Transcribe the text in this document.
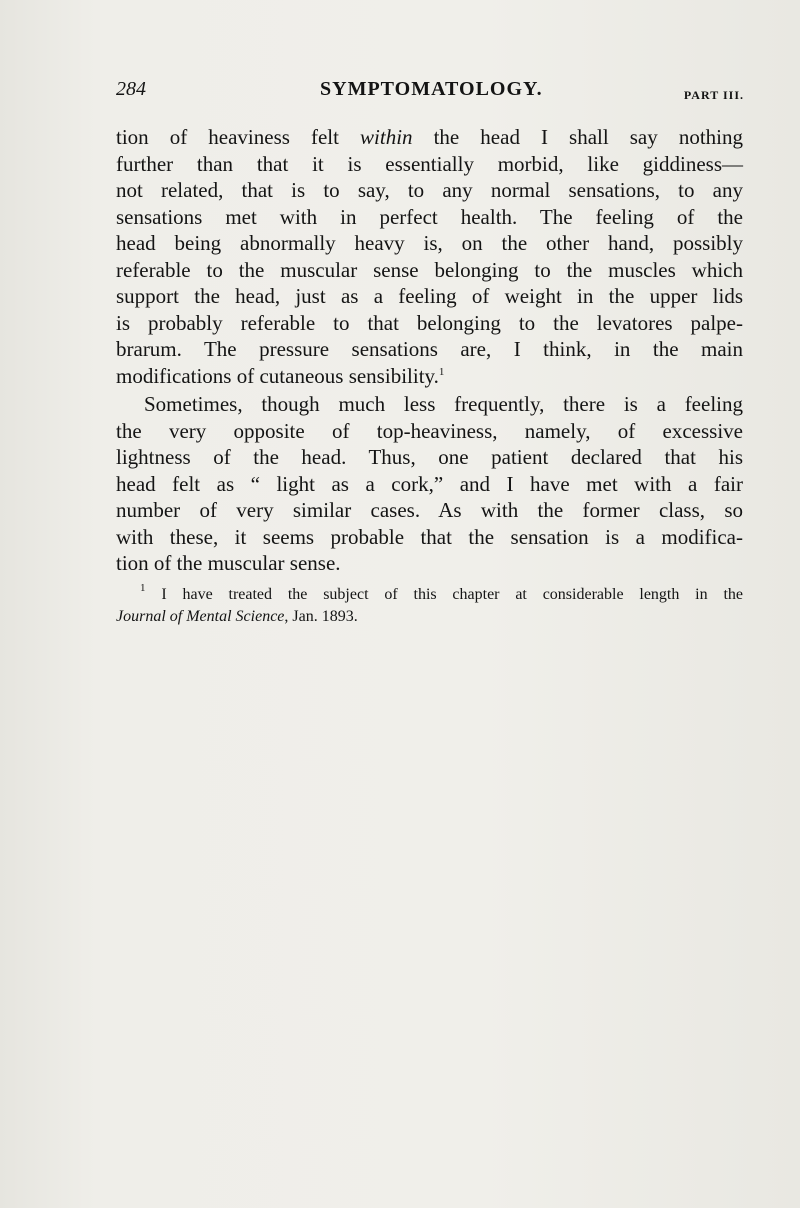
284	SYMPTOMATOLOGY.	PART III.

tion of heaviness felt within the head I shall say nothing
further than that it is essentially morbid, like giddiness—
not related, that is to say, to any normal sensations, to any
sensations met with in perfect health. The feeling of the
head being abnormally heavy is, on the other hand, possibly
referable to the muscular sense belonging to the muscles which
support the head, just as a feeling of weight in the upper lids
is probably referable to that belonging to the levatores palpe-
brarum. The pressure sensations are, I think, in the main
modifications of cutaneous sensibility.$^1$

Sometimes, though much less frequently, there is a feeling

the very opposite of top-heaviness, namely, of excessive
lightness of the head. Thus, one patient declared that his
head felt as “ light as a cork,” and I have met with a fair
number of very similar cases. As with the former class, so
with these, it seems probable that the sensation is a modifica-
tion of the muscular sense.

$^1$ I have treated the subject of this chapter at considerable length in the
Journal of Mental Science, Jan. 1893.
